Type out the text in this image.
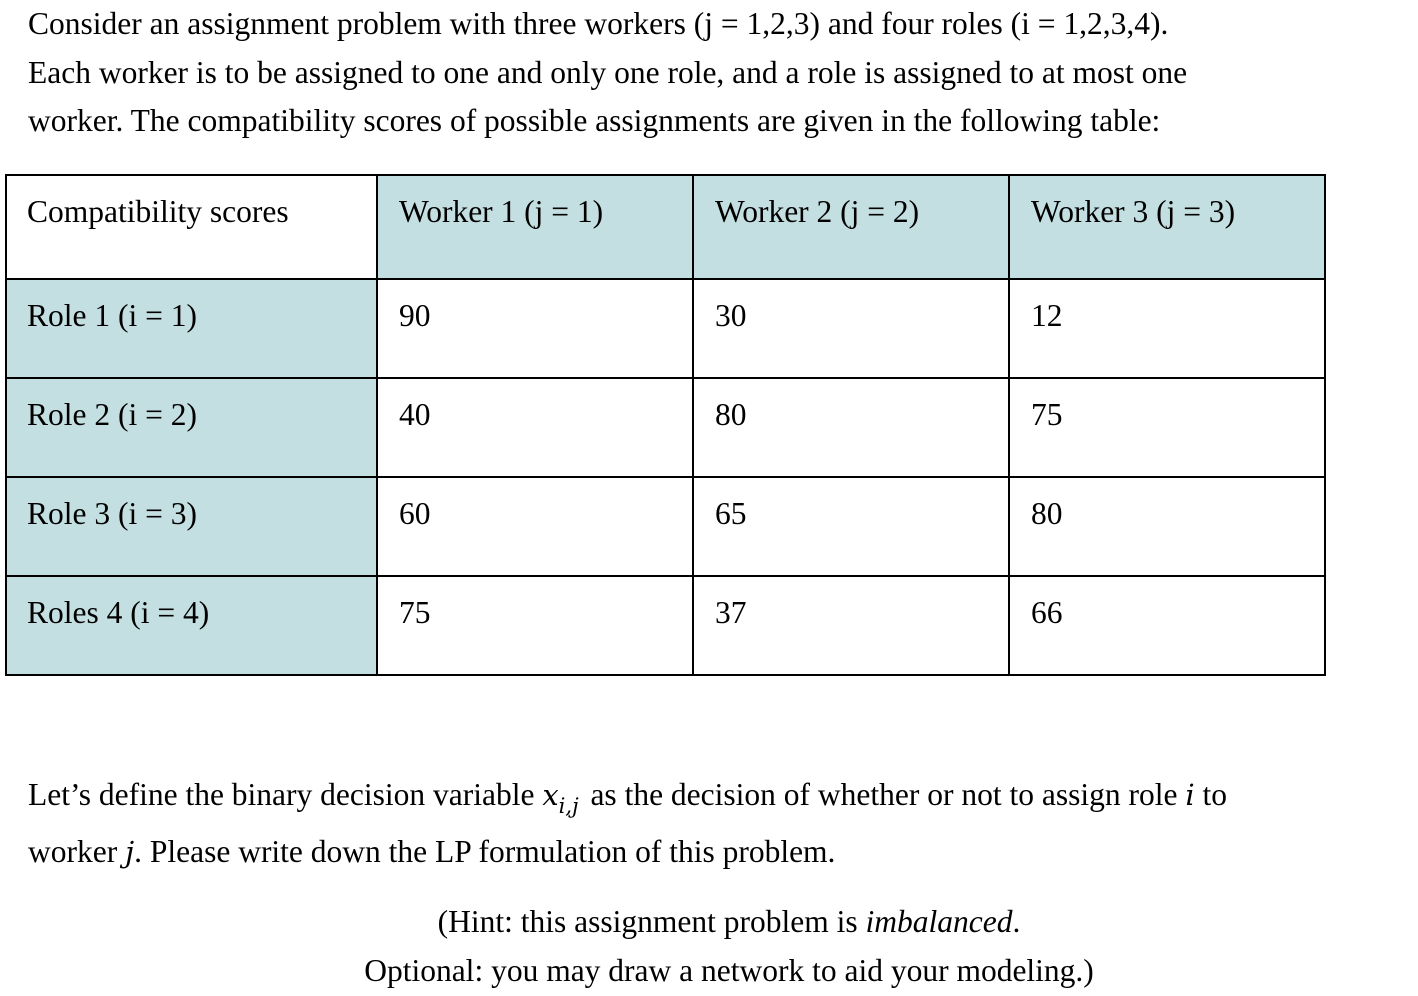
Consider an assignment problem with three workers (j = 1,2,3) and four roles (i = 1,2,3,4).
Each worker is to be assigned to one and only one role, and a role is assigned to at most one
worker. The compatibility scores of possible assignments are given in the following table:
Compatibility scores	Worker 1 (j = 1)	Worker 2 (j = 2)	Worker 3 (j = 3)

Role 1 (i = 1)	90	30	12

Role 2 (i = 2)	40	80	75

Role 3 (i = 3)	60	65	80

Roles 4 (i = 4)	75	37	66
Let’s define the binary decision variable $x_{i,j}$ as the decision of whether or not to assign role i to
worker j. Please write down the LP formulation of this problem.
(Hint: this assignment problem is imbalanced.
Optional: you may draw a network to aid your modeling.)
